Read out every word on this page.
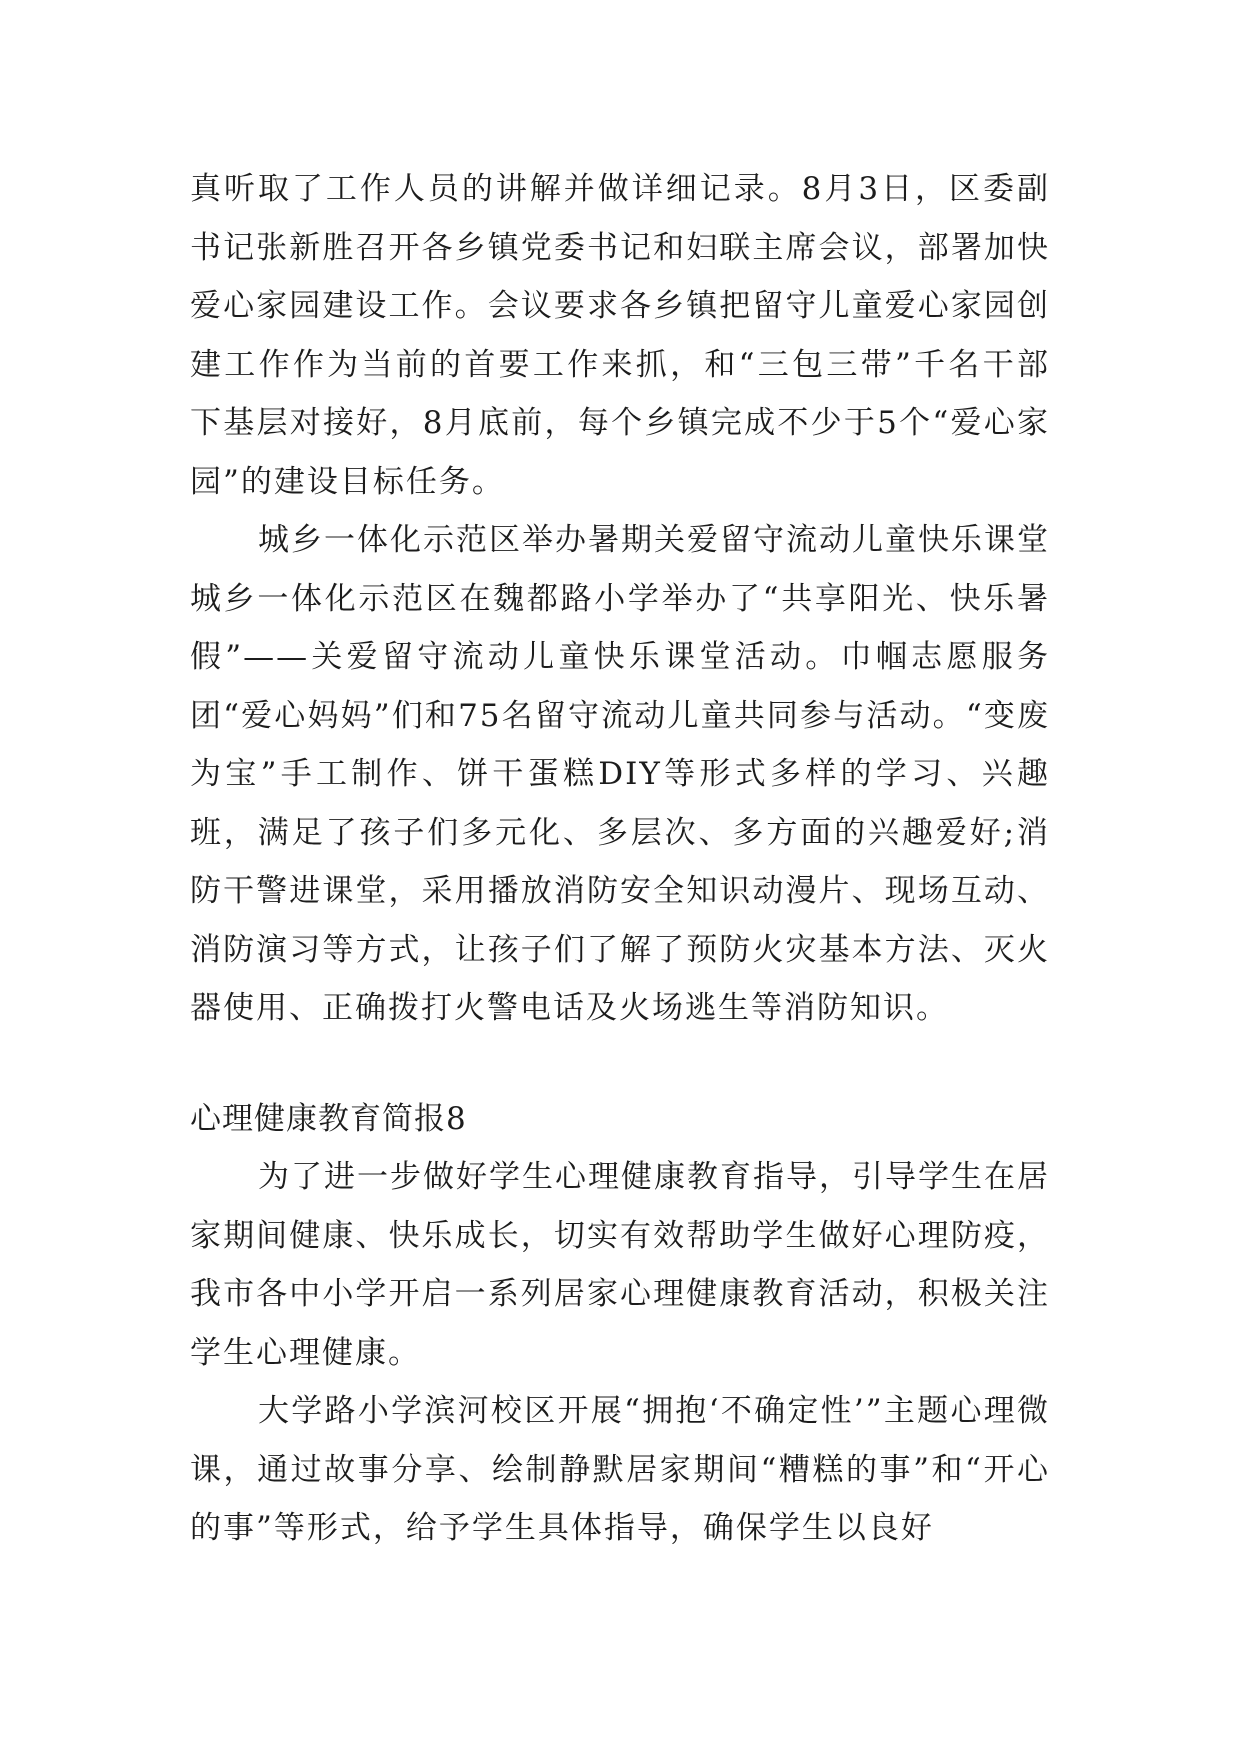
真听取了工作人员的讲解并做详细记录。8月3日，区委副书记张新胜召开各乡镇党委书记和妇联主席会议，部署加快爱心家园建设工作。会议要求各乡镇把留守儿童爱心家园创建工作作为当前的首要工作来抓，和“三包三带”千名干部下基层对接好，8月底前，每个乡镇完成不少于5个“爱心家园”的建设目标任务。

城乡一体化示范区举办暑期关爱留守流动儿童快乐课堂城乡一体化示范区在魏都路小学举办了“共享阳光、快乐暑假”——关爱留守流动儿童快乐课堂活动。巾帼志愿服务团“爱心妈妈”们和75名留守流动儿童共同参与活动。“变废为宝”手工制作、饼干蛋糕DIY等形式多样的学习、兴趣班，满足了孩子们多元化、多层次、多方面的兴趣爱好;消防干警进课堂，采用播放消防安全知识动漫片、现场互动、消防演习等方式，让孩子们了解了预防火灾基本方法、灭火器使用、正确拨打火警电话及火场逃生等消防知识。

心理健康教育简报8

为了进一步做好学生心理健康教育指导，引导学生在居家期间健康、快乐成长，切实有效帮助学生做好心理防疫，我市各中小学开启一系列居家心理健康教育活动，积极关注学生心理健康。

大学路小学滨河校区开展“拥抱‘不确定性’”主题心理微课，通过故事分享、绘制静默居家期间“糟糕的事”和“开心的事”等形式，给予学生具体指导，确保学生以良好
